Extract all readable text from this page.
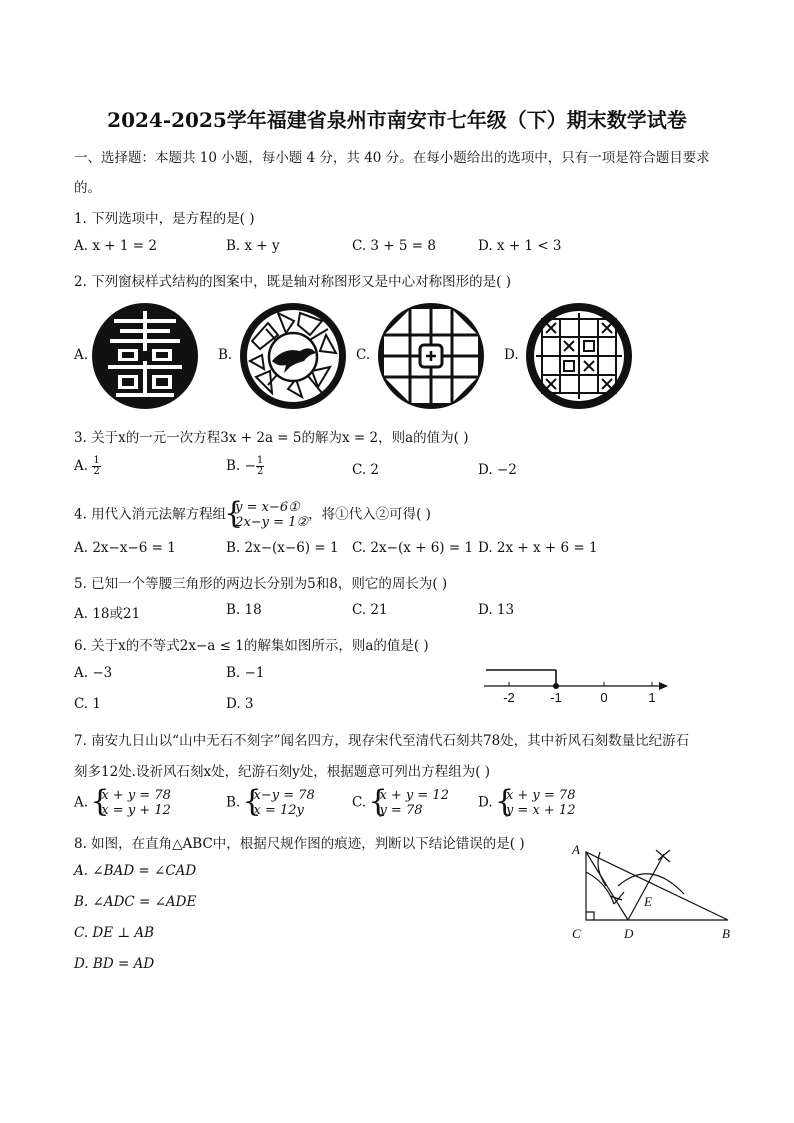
2024-2025学年福建省泉州市南安市七年级（下）期末数学试卷
一、选择题：本题共 10 小题，每小题 4 分，共 40 分。在每小题给出的选项中，只有一项是符合题目要求
的。
1. 下列选项中，是方程的是( )
A. x + 1 = 2	B. x + y	C. 3 + 5 = 8	D. x + 1 < 3
2. 下列窗棂样式结构的图案中，既是轴对称图形又是中心对称图形的是( )
A.	B.	C.	D.
3. 关于x的一元一次方程3x + 2a = 5的解为x = 2，则a的值为( )
A. $\frac{1}{2}$	B. − $\frac{1}{2}$	C. 2	D. −2
4. 用代入消元法解方程组 { y = x−6①
2x−y = 1② ，将①代入②可得( )
A. 2x−x−6 = 1	B. 2x−(x−6) = 1 C. 2x−(x + 6) = 1 D. 2x + x + 6 = 1
5. 已知一个等腰三角形的两边长分别为5和8，则它的周长为( )
A. 18或21	B. 18	C. 21	D. 13
6. 关于x的不等式2x−a ≤ 1的解集如图所示，则a的值是( )
A. −3	B. −1
C. 1	D. 3	-2	-1	0	1
7. 南安九日山以“山中无石不刻字”闻名四方，现存宋代至清代石刻共78处，其中祈风石刻数量比纪游石
刻多12处.设祈风石刻x处，纪游石刻y处，根据题意可列出方程组为( )
A. { x + y = 78
x = y + 12	B. { x−y = 78
x = 12y	C. { x + y = 12
y = 78	D. { x + y = 78
y = x + 12
8. 如图，在直角△ABC中，根据尺规作图的痕迹，判断以下结论错误的是( )
A. ∠BAD = ∠CAD
B. ∠ADC = ∠ADE
C. DE ⊥ AB
D. BD = AD
A
C	D	B
E
